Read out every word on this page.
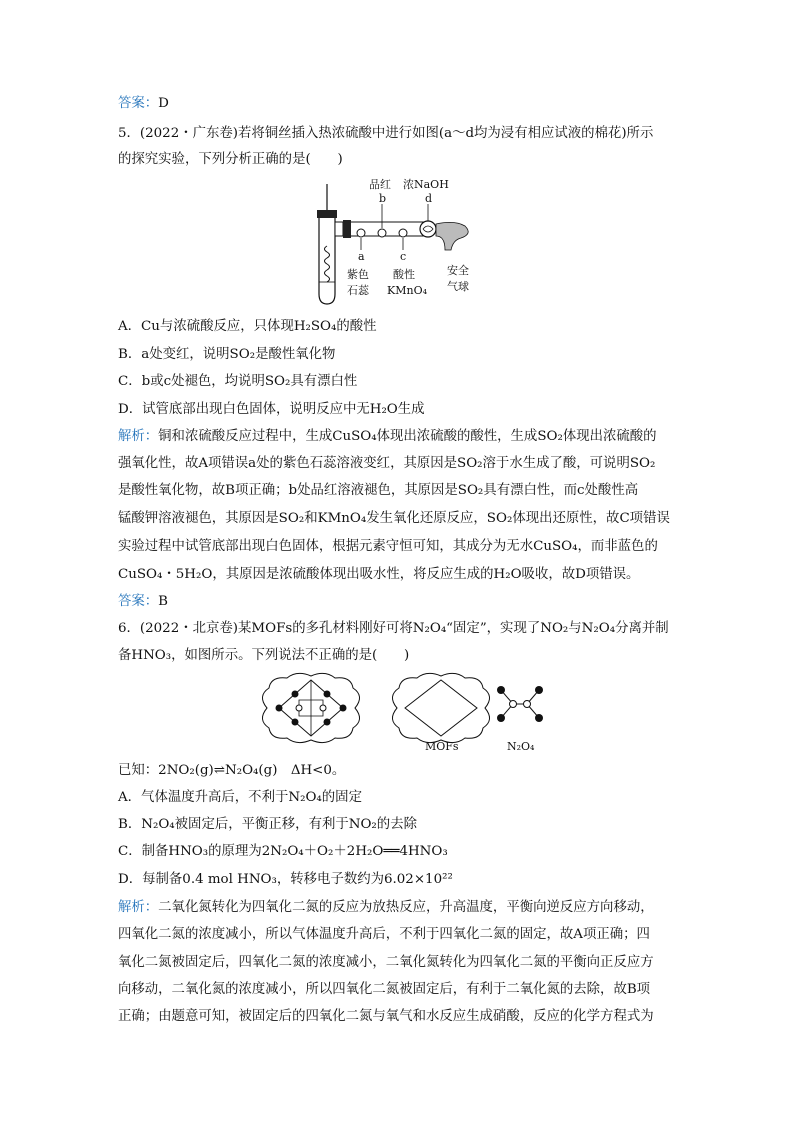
答案：D
5．(2022・广东卷)若将铜丝插入热浓硫酸中进行如图(a～d均为浸有相应试液的棉花)所示
的探究实验，下列分析正确的是(　　)
品红 浓NaOH
b	d
a	c
紫色
石蕊
酸性
KMnO₄
安全
气球
A．Cu与浓硫酸反应，只体现H₂SO₄的酸性
B．a处变红，说明SO₂是酸性氧化物
C．b或c处褪色，均说明SO₂具有漂白性
D．试管底部出现白色固体，说明反应中无H₂O生成
解析：铜和浓硫酸反应过程中，生成CuSO₄体现出浓硫酸的酸性，生成SO₂体现出浓硫酸的
强氧化性，故A项错误a处的紫色石蕊溶液变红，其原因是SO₂溶于水生成了酸，可说明SO₂
是酸性氧化物，故B项正确；b处品红溶液褪色，其原因是SO₂具有漂白性，而c处酸性高
锰酸钾溶液褪色，其原因是SO₂和KMnO₄发生氧化还原反应，SO₂体现出还原性，故C项错误
实验过程中试管底部出现白色固体，根据元素守恒可知，其成分为无水CuSO₄，而非蓝色的
CuSO₄・5H₂O，其原因是浓硫酸体现出吸水性，将反应生成的H₂O吸收，故D项错误。
答案：B
6．(2022・北京卷)某MOFs的多孔材料刚好可将N₂O₄“固定”，实现了NO₂与N₂O₄分离并制
备HNO₃，如图所示。下列说法不正确的是(　　)
MOFs	N₂O₄
已知：2NO₂(g)⇌N₂O₄(g)　ΔH<0。
A．气体温度升高后，不利于N₂O₄的固定
B．N₂O₄被固定后，平衡正移，有利于NO₂的去除
C．制备HNO₃的原理为2N₂O₄＋O₂＋2H₂O══4HNO₃
D．每制备0.4 mol HNO₃，转移电子数约为6.02×10²²
解析：二氧化氮转化为四氧化二氮的反应为放热反应，升高温度，平衡向逆反应方向移动，
四氧化二氮的浓度减小，所以气体温度升高后，不利于四氧化二氮的固定，故A项正确；四
氧化二氮被固定后，四氧化二氮的浓度减小，二氧化氮转化为四氧化二氮的平衡向正反应方
向移动，二氧化氮的浓度减小，所以四氧化二氮被固定后，有利于二氧化氮的去除，故B项
正确；由题意可知，被固定后的四氧化二氮与氧气和水反应生成硝酸，反应的化学方程式为
